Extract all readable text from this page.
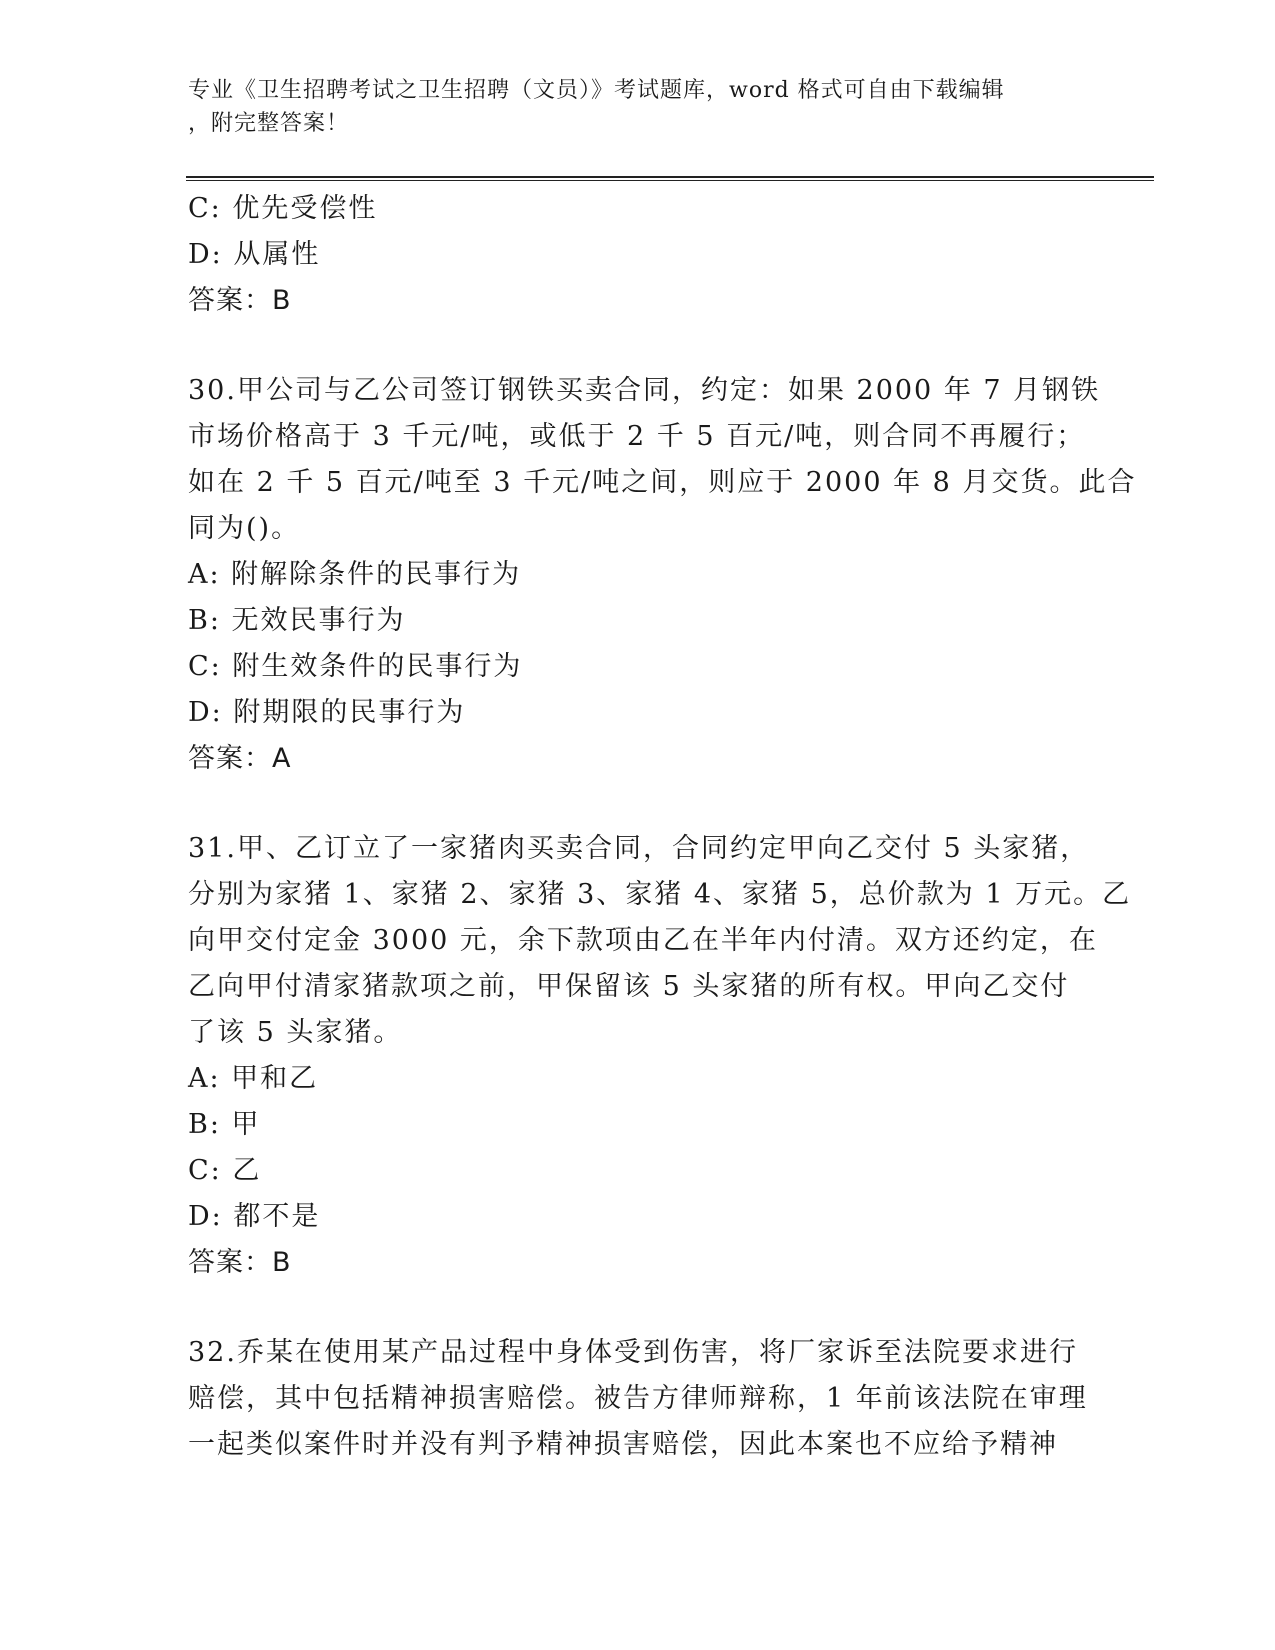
专业《卫生招聘考试之卫生招聘（文员）》考试题库，word 格式可自由下载编辑
，附完整答案！
C: 优先受偿性
D: 从属性
答案：B
30.甲公司与乙公司签订钢铁买卖合同，约定：如果 2000 年 7 月钢铁
市场价格高于 3 千元/吨，或低于 2 千 5 百元/吨，则合同不再履行；
如在 2 千 5 百元/吨至 3 千元/吨之间，则应于 2000 年 8 月交货。此合
同为()。
A: 附解除条件的民事行为
B: 无效民事行为
C: 附生效条件的民事行为
D: 附期限的民事行为
答案：A
31.甲、乙订立了一家猪肉买卖合同，合同约定甲向乙交付 5 头家猪，
分别为家猪 1、家猪 2、家猪 3、家猪 4、家猪 5，总价款为 1 万元。乙
向甲交付定金 3000 元，余下款项由乙在半年内付清。双方还约定，在
乙向甲付清家猪款项之前，甲保留该 5 头家猪的所有权。甲向乙交付
了该 5 头家猪。
A: 甲和乙
B: 甲
C: 乙
D: 都不是
答案：B
32.乔某在使用某产品过程中身体受到伤害，将厂家诉至法院要求进行
赔偿，其中包括精神损害赔偿。被告方律师辩称，1 年前该法院在审理
一起类似案件时并没有判予精神损害赔偿，因此本案也不应给予精神
